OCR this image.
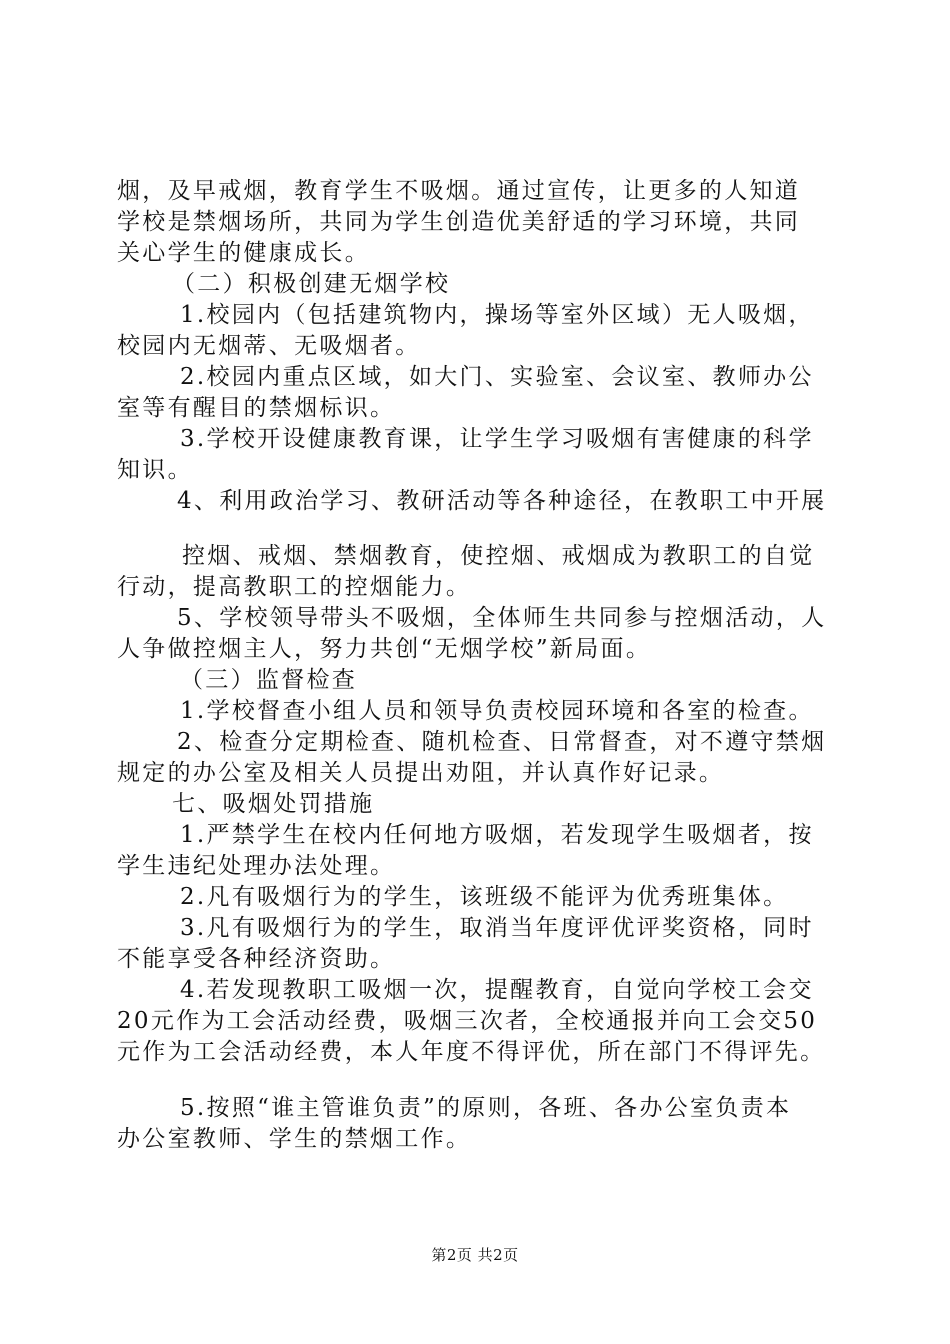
烟，及早戒烟，教育学生不吸烟。通过宣传，让更多的人知道
学校是禁烟场所，共同为学生创造优美舒适的学习环境，共同
关心学生的健康成长。
（二）积极创建无烟学校
1.校园内（包括建筑物内，操场等室外区域）无人吸烟，
校园内无烟蒂、无吸烟者。
2.校园内重点区域，如大门、实验室、会议室、教师办公
室等有醒目的禁烟标识。
3.学校开设健康教育课，让学生学习吸烟有害健康的科学
知识。
4、利用政治学习、教研活动等各种途径，在教职工中开展
控烟、戒烟、禁烟教育，使控烟、戒烟成为教职工的自觉
行动，提高教职工的控烟能力。
5、学校领导带头不吸烟，全体师生共同参与控烟活动，人
人争做控烟主人，努力共创“无烟学校”新局面。
（三）监督检查
1.学校督查小组人员和领导负责校园环境和各室的检查。
2、检查分定期检查、随机检查、日常督查，对不遵守禁烟
规定的办公室及相关人员提出劝阻，并认真作好记录。
七、吸烟处罚措施
1.严禁学生在校内任何地方吸烟，若发现学生吸烟者，按
学生违纪处理办法处理。
2.凡有吸烟行为的学生，该班级不能评为优秀班集体。
3.凡有吸烟行为的学生，取消当年度评优评奖资格，同时
不能享受各种经济资助。
4.若发现教职工吸烟一次，提醒教育，自觉向学校工会交
20元作为工会活动经费，吸烟三次者，全校通报并向工会交50
元作为工会活动经费，本人年度不得评优，所在部门不得评先。
5.按照“谁主管谁负责”的原则，各班、各办公室负责本
办公室教师、学生的禁烟工作。
第2页 共2页
